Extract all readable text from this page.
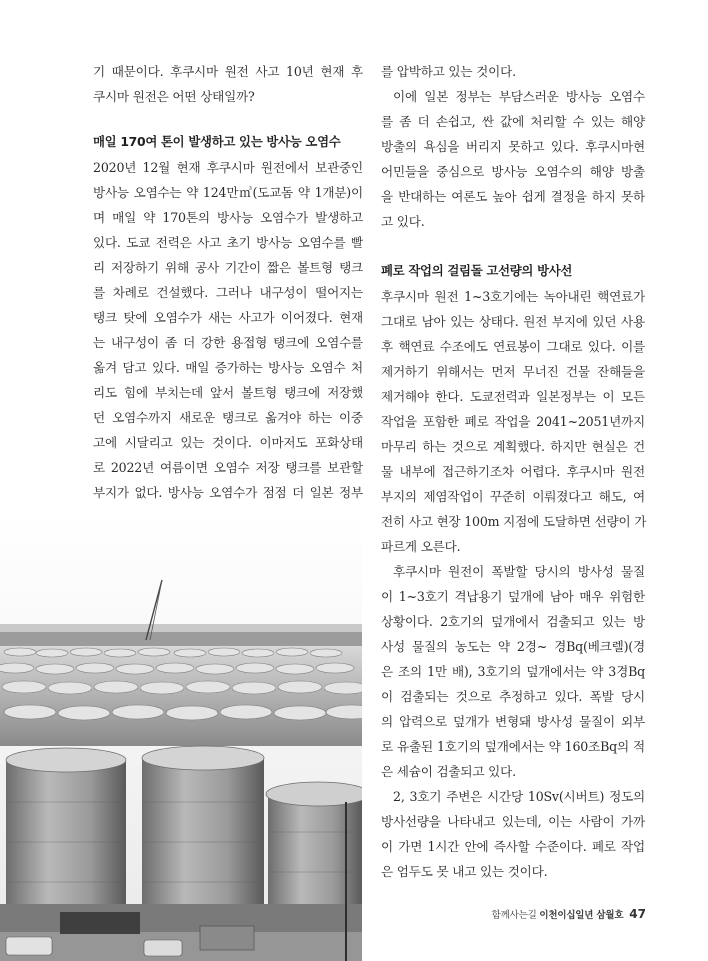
기 때문이다. 후쿠시마 원전 사고 10년 현재 후
쿠시마 원전은 어떤 상태일까?
매일 170여 톤이 발생하고 있는 방사능 오염수
2020년 12월 현재 후쿠시마 원전에서 보관중인
방사능 오염수는 약 124만㎥(도교돔 약 1개분)이
며 매일 약 170톤의 방사능 오염수가 발생하고
있다. 도쿄 전력은 사고 초기 방사능 오염수를 빨
리 저장하기 위해 공사 기간이 짧은 볼트형 탱크
를 차례로 건설했다. 그러나 내구성이 떨어지는
탱크 탓에 오염수가 새는 사고가 이어졌다. 현재
는 내구성이 좀 더 강한 용접형 탱크에 오염수를
옮겨 담고 있다. 매일 증가하는 방사능 오염수 처
리도 힘에 부치는데 앞서 볼트형 탱크에 저장했
던 오염수까지 새로운 탱크로 옮겨야 하는 이중
고에 시달리고 있는 것이다. 이마저도 포화상태
로 2022년 여름이면 오염수 저장 탱크를 보관할
부지가 없다. 방사능 오염수가 점점 더 일본 정부
를 압박하고 있는 것이다.
이에 일본 정부는 부담스러운 방사능 오염수
를 좀 더 손쉽고, 싼 값에 처리할 수 있는 해양
방출의 욕심을 버리지 못하고 있다. 후쿠시마현
어민들을 중심으로 방사능 오염수의 해양 방출
을 반대하는 여론도 높아 쉽게 결정을 하지 못하
고 있다.
폐로 작업의 걸림돌 고선량의 방사선
후쿠시마 원전 1~3호기에는 녹아내린 핵연료가
그대로 남아 있는 상태다. 원전 부지에 있던 사용
후 핵연료 수조에도 연료봉이 그대로 있다. 이를
제거하기 위해서는 먼저 무너진 건물 잔해들을
제거해야 한다. 도쿄전력과 일본정부는 이 모든
작업을 포함한 폐로 작업을 2041~2051년까지
마무리 하는 것으로 계획했다. 하지만 현실은 건
물 내부에 접근하기조차 어렵다. 후쿠시마 원전
부지의 제염작업이 꾸준히 이뤄졌다고 해도, 여
전히 사고 현장 100m 지점에 도달하면 선량이 가
파르게 오른다.
후쿠시마 원전이 폭발할 당시의 방사성 물질
이 1~3호기 격납용기 덮개에 남아 매우 위험한
상황이다. 2호기의 덮개에서 검출되고 있는 방
사성 물질의 농도는 약 2경~ 경Bq(베크렐)(경
은 조의 1만 배), 3호기의 덮개에서는 약 3경Bq
이 검출되는 것으로 추정하고 있다. 폭발 당시
의 압력으로 덮개가 변형돼 방사성 물질이 외부
로 유출된 1호기의 덮개에서는 약 160조Bq의 적
은 세슘이 검출되고 있다.
2, 3호기 주변은 시간당 10Sv(시버트) 정도의
방사선량을 나타내고 있는데, 이는 사람이 가까
이 가면 1시간 안에 즉사할 수준이다. 폐로 작업
은 엄두도 못 내고 있는 것이다.
함께사는길 이천이십일년 삼월호 47
